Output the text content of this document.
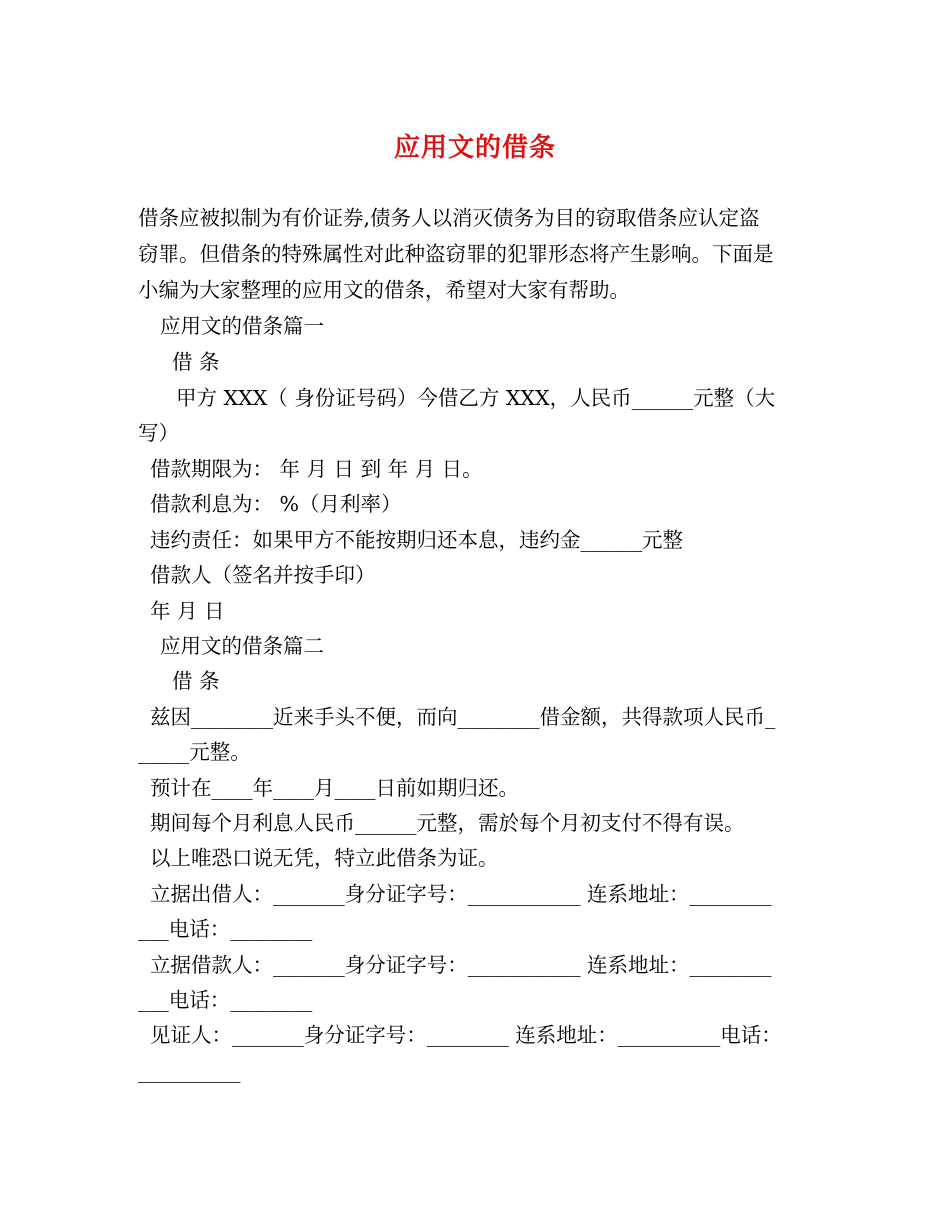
应用文的借条
借条应被拟制为有价证券,债务人以消灭债务为目的窃取借条应认定盗
窃罪。但借条的特殊属性对此种盗窃罪的犯罪形态将产生影响。下面是
小编为大家整理的应用文的借条，希望对大家有帮助。
应用文的借条篇一
借 条
甲方 XXX（ 身份证号码）今借乙方 XXX，人民币______元整（大
写）
借款期限为： 年 月 日 到 年 月 日。
借款利息为： %（月利率）
违约责任：如果甲方不能按期归还本息，违约金______元整
借款人（签名并按手印）
年 月 日
应用文的借条篇二
借 条
兹因________近来手头不便，而向________借金额，共得款项人民币_
_____元整。
预计在____年____月____日前如期归还。
期间每个月利息人民币______元整，需於每个月初支付不得有误。
以上唯恐口说无凭，特立此借条为证。
立据出借人：_______身分证字号：___________ 连系地址：________
___电话：________
立据借款人：_______身分证字号：___________ 连系地址：________
___电话：________
见证人：_______身分证字号：________ 连系地址：__________电话：
__________
